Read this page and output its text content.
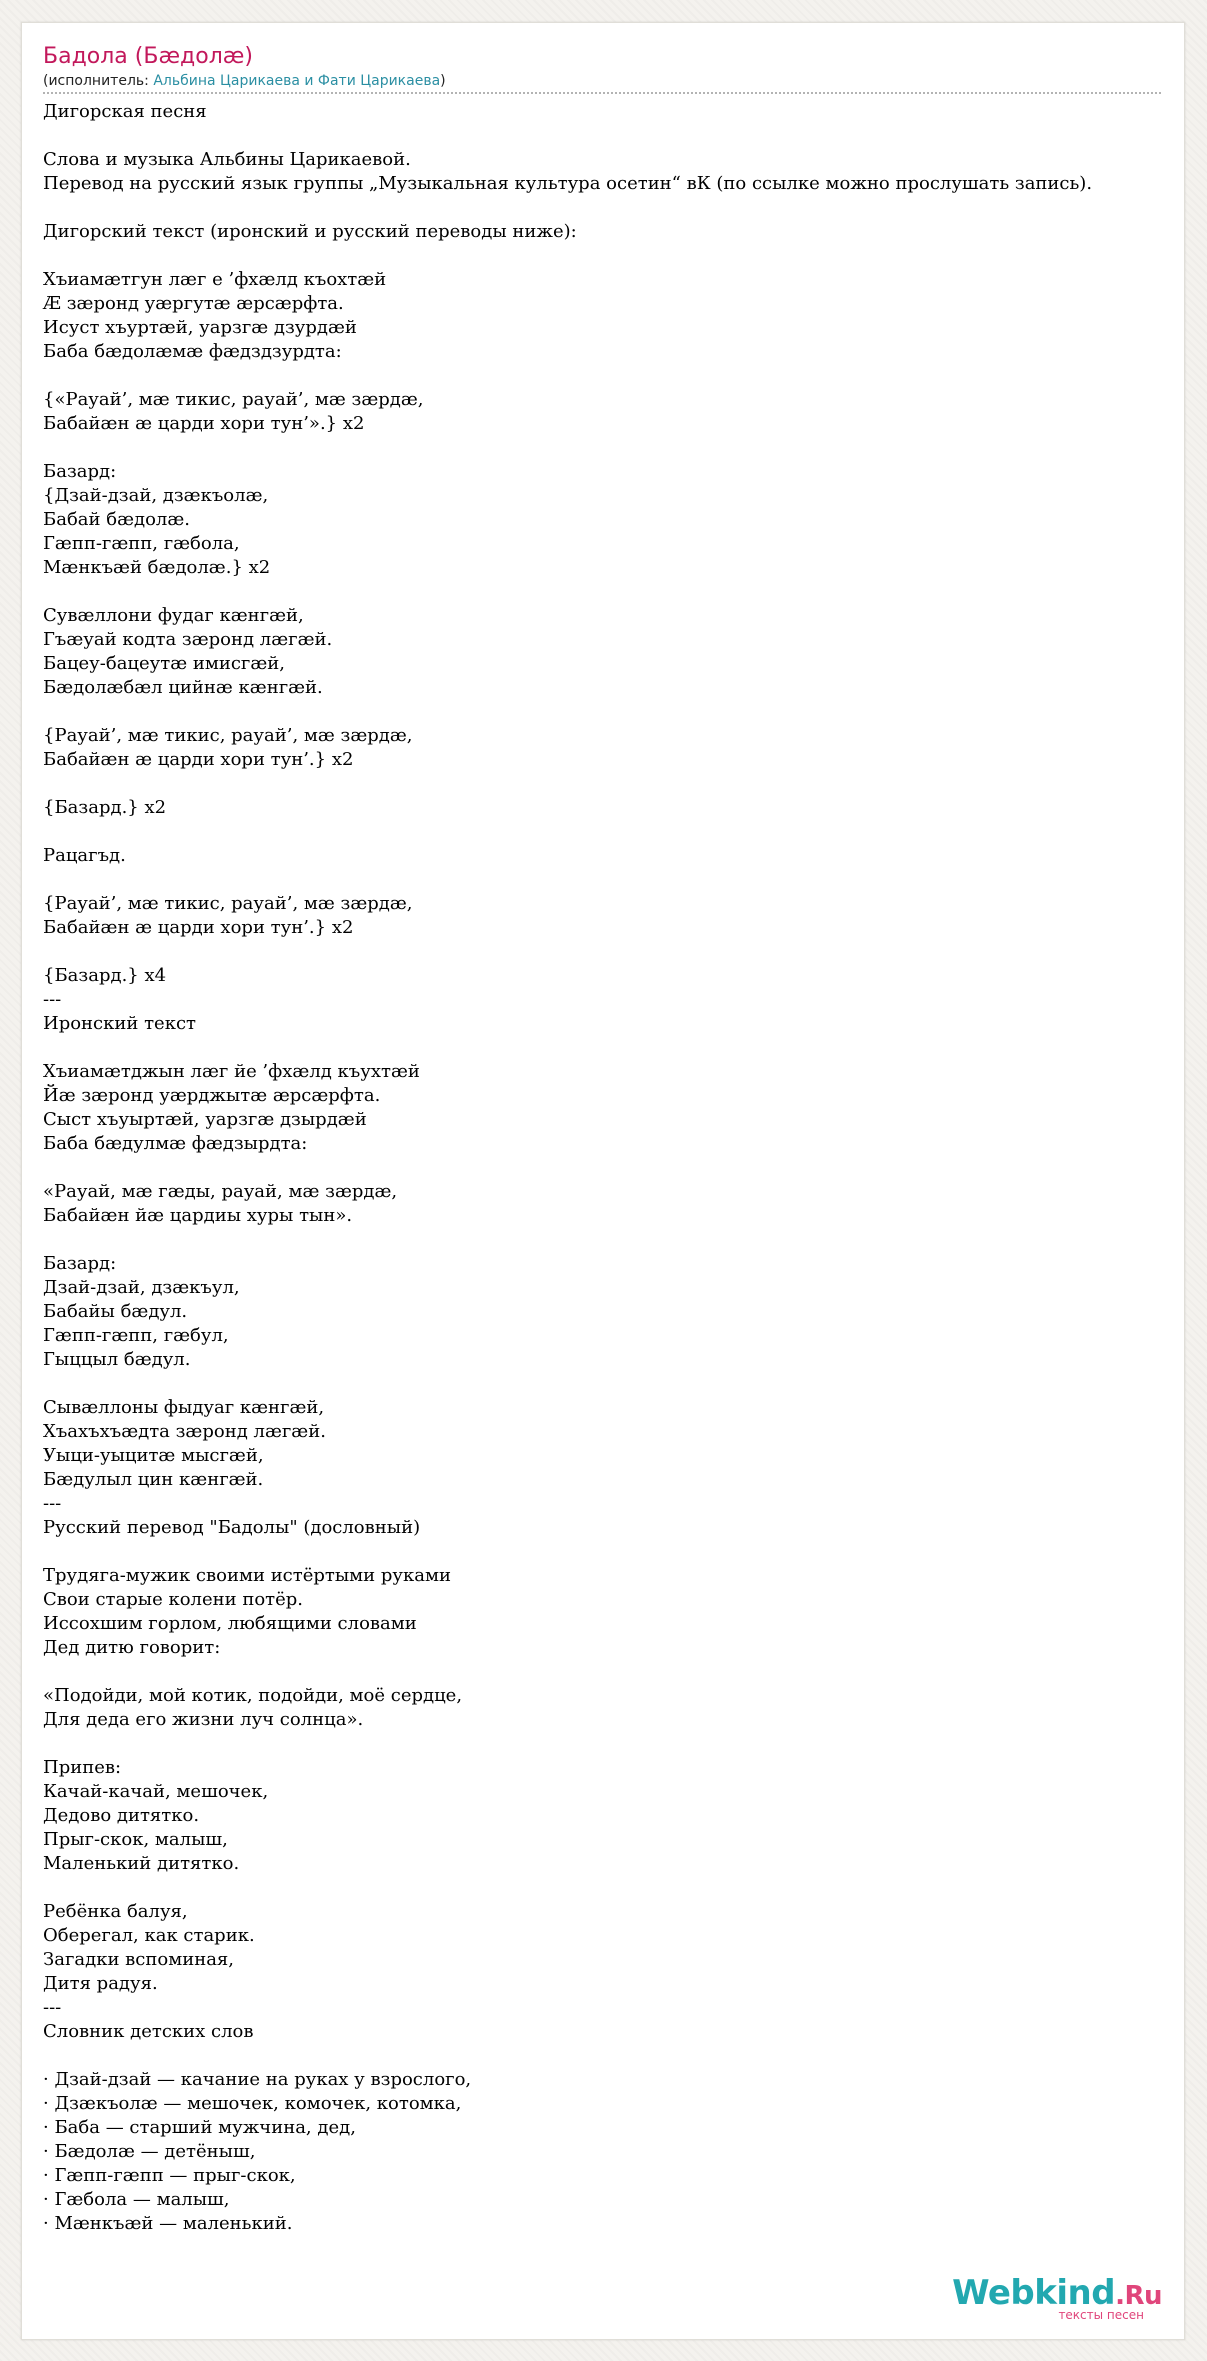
Бадола (Бæдолæ)
(исполнитель: Альбина Царикаева и Фати Царикаева)
Дигорская песня

Слова и музыка Альбины Царикаевой.
Перевод на русский язык группы „Музыкальная культура осетин“ вК (по ссылке можно прослушать запись).

Дигорский текст (иронский и русский переводы ниже):

Хъиамæтгун лæг е ’фхæлд къохтæй
Æ зæронд уæргутæ æрсæрфта.
Исуст хъуртæй, уарзгæ дзурдæй
Баба бæдолæмæ фæдздзурдта:

{«Рауай’, мæ тикис, рауай’, мæ зæрдæ,
Бабайæн æ царди хори тун’».} x2

Базард:
{Дзай-дзай, дзæкъолæ,
Бабай бæдолæ.
Гæпп-гæпп, гæбола,
Мæнкъæй бæдолæ.} x2

Сувæллони фудаг кæнгæй,
Гъæуай кодта зæронд лæгæй.
Бацеу-бацеутæ имисгæй,
Бæдолæбæл цийнæ кæнгæй.

{Рауай’, мæ тикис, рауай’, мæ зæрдæ,
Бабайæн æ царди хори тун’.} x2

{Базард.} x2

Рацагъд.

{Рауай’, мæ тикис, рауай’, мæ зæрдæ,
Бабайæн æ царди хори тун’.} x2

{Базард.} x4
---
Иронский текст

Хъиамæтджын лæг йе ’фхæлд къухтæй
Йæ зæронд уæрджытæ æрсæрфта.
Сыст хъуыртæй, уарзгæ дзырдæй
Баба бæдулмæ фæдзырдта:

«Рауай, мæ гæды, рауай, мæ зæрдæ,
Бабайæн йæ цардиы хуры тын».

Базард:
Дзай-дзай, дзæкъул,
Бабайы бæдул.
Гæпп-гæпп, гæбул,
Гыццыл бæдул.

Сывæллоны фыдуаг кæнгæй,
Хъахъхъæдта зæронд лæгæй.
Уыци-уыцитæ мысгæй,
Бæдулыл цин кæнгæй.
---
Русский перевод "Бадолы" (дословный)

Трудяга-мужик своими истёртыми руками
Свои старые колени потёр.
Иссохшим горлом, любящими словами
Дед дитю говорит:

«Подойди, мой котик, подойди, моё сердце,
Для деда его жизни луч солнца».

Припев:
Качай-качай, мешочек,
Дедово дитятко.
Прыг-скок, малыш,
Маленький дитятко.

Ребёнка балуя,
Оберегал, как старик.
Загадки вспоминая,
Дитя радуя.
---
Словник детских слов

· Дзай-дзай — качание на руках у взрослого,
· Дзæкъолæ — мешочек, комочек, котомка,
· Баба — старший мужчина, дед,
· Бæдолæ — детёныш,
· Гæпп-гæпп — прыг-скок,
· Гæбола — малыш,
· Мæнкъæй — маленький.
Webkind.Ru
тексты песен
